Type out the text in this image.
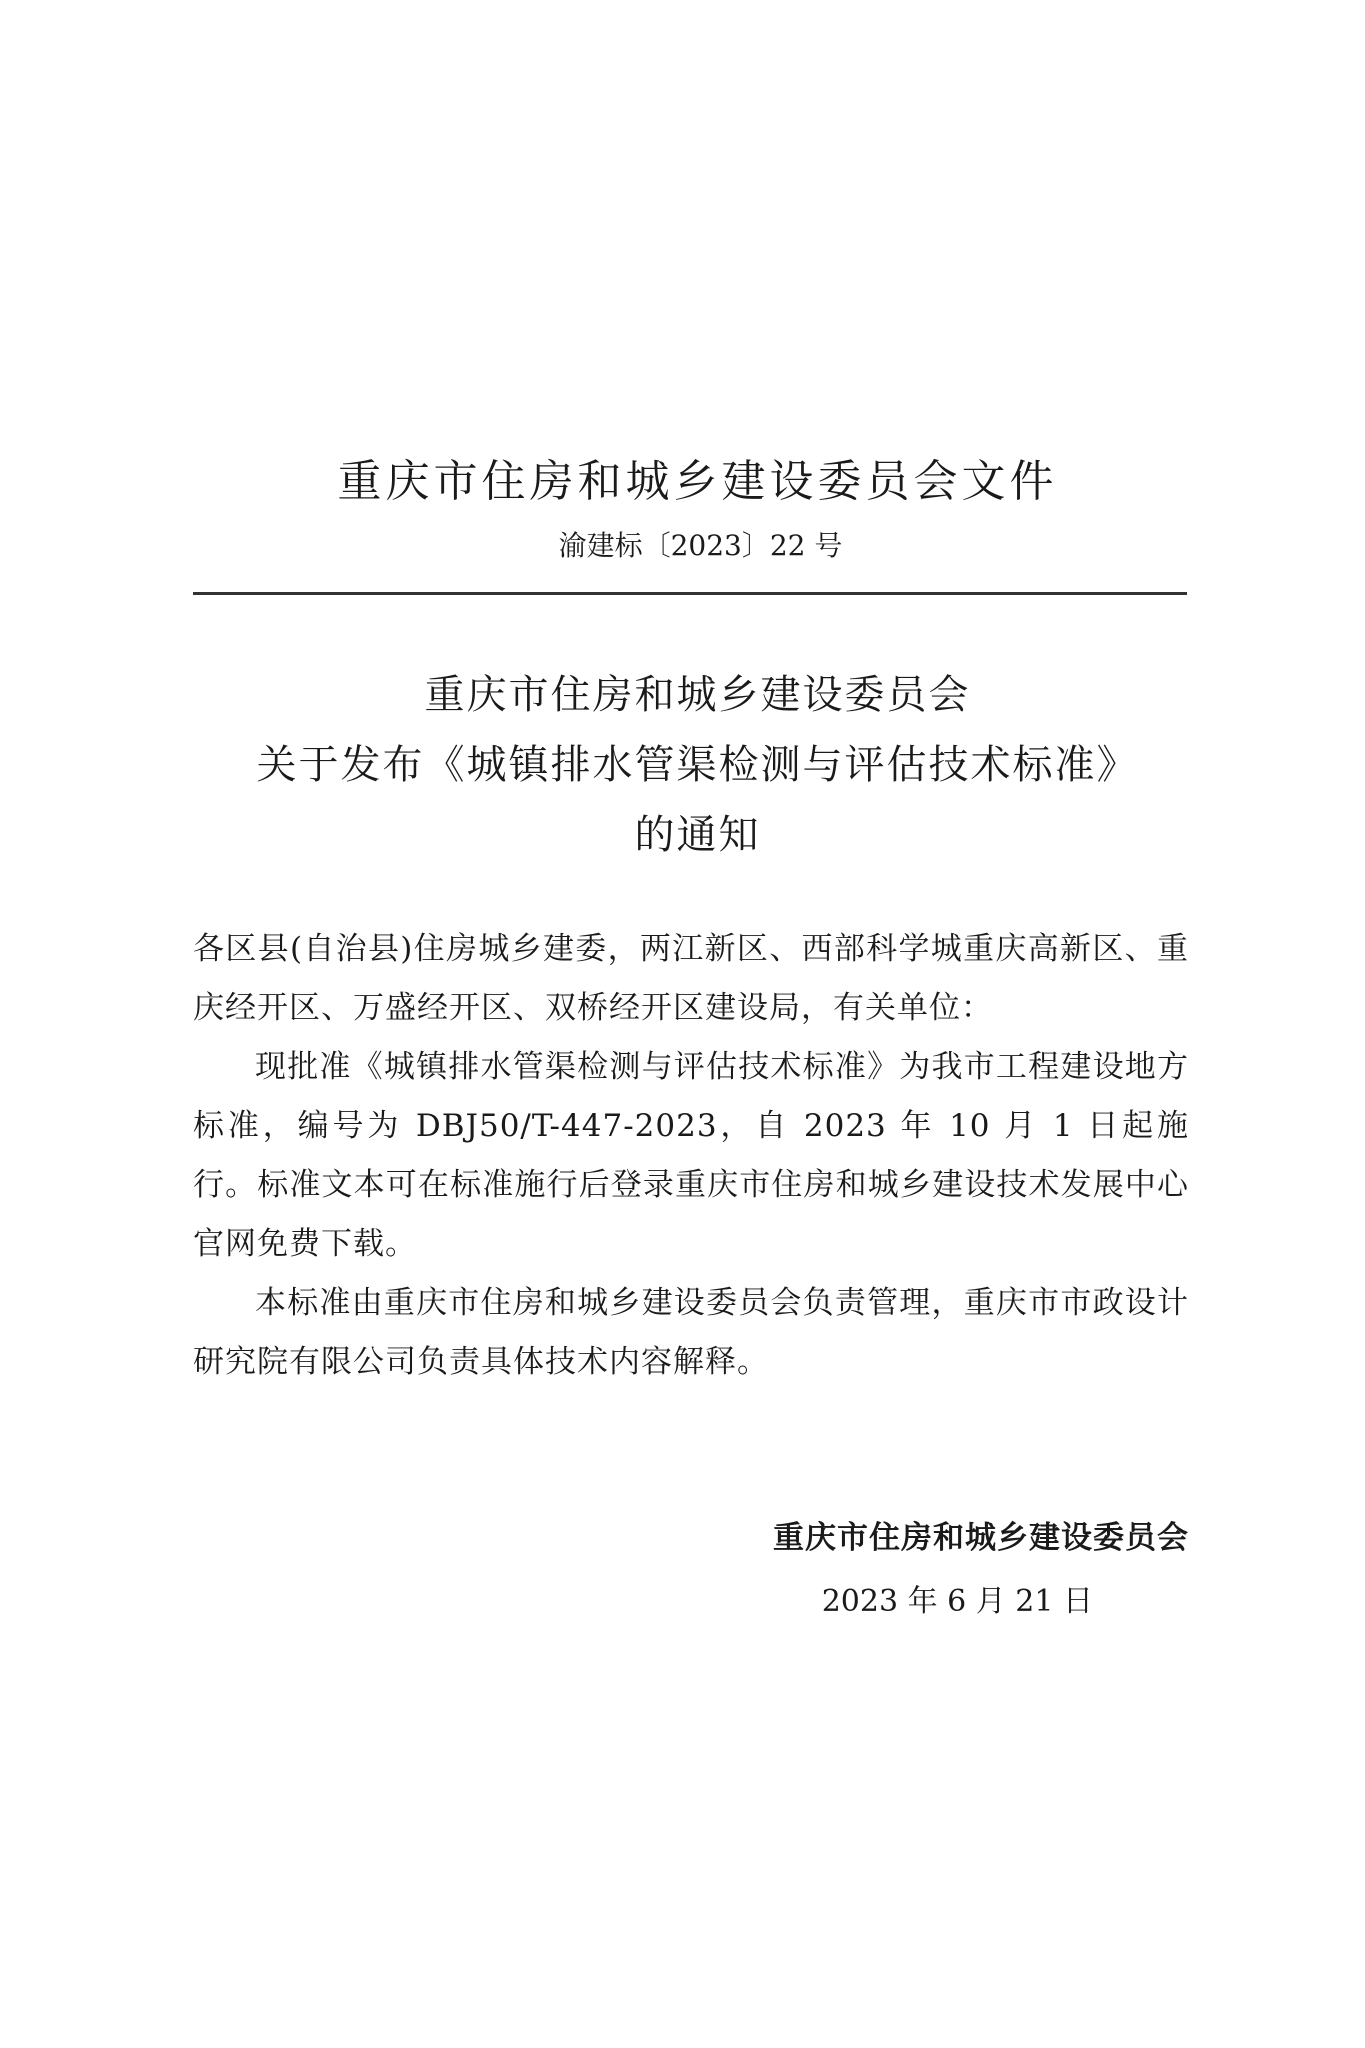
重庆市住房和城乡建设委员会文件
渝建标〔2023〕22 号
重庆市住房和城乡建设委员会
关于发布《城镇排水管渠检测与评估技术标准》
的通知

各区县(自治县)住房城乡建委，两江新区、西部科学城重庆高新区、重庆经开区、万盛经开区、双桥经开区建设局，有关单位：

现批准《城镇排水管渠检测与评估技术标准》为我市工程建设地方标准，编号为 DBJ50/T-447-2023，自 2023 年 10 月 1 日起施行。标准文本可在标准施行后登录重庆市住房和城乡建设技术发展中心官网免费下载。

本标准由重庆市住房和城乡建设委员会负责管理，重庆市市政设计研究院有限公司负责具体技术内容解释。

重庆市住房和城乡建设委员会
2023 年 6 月 21 日
